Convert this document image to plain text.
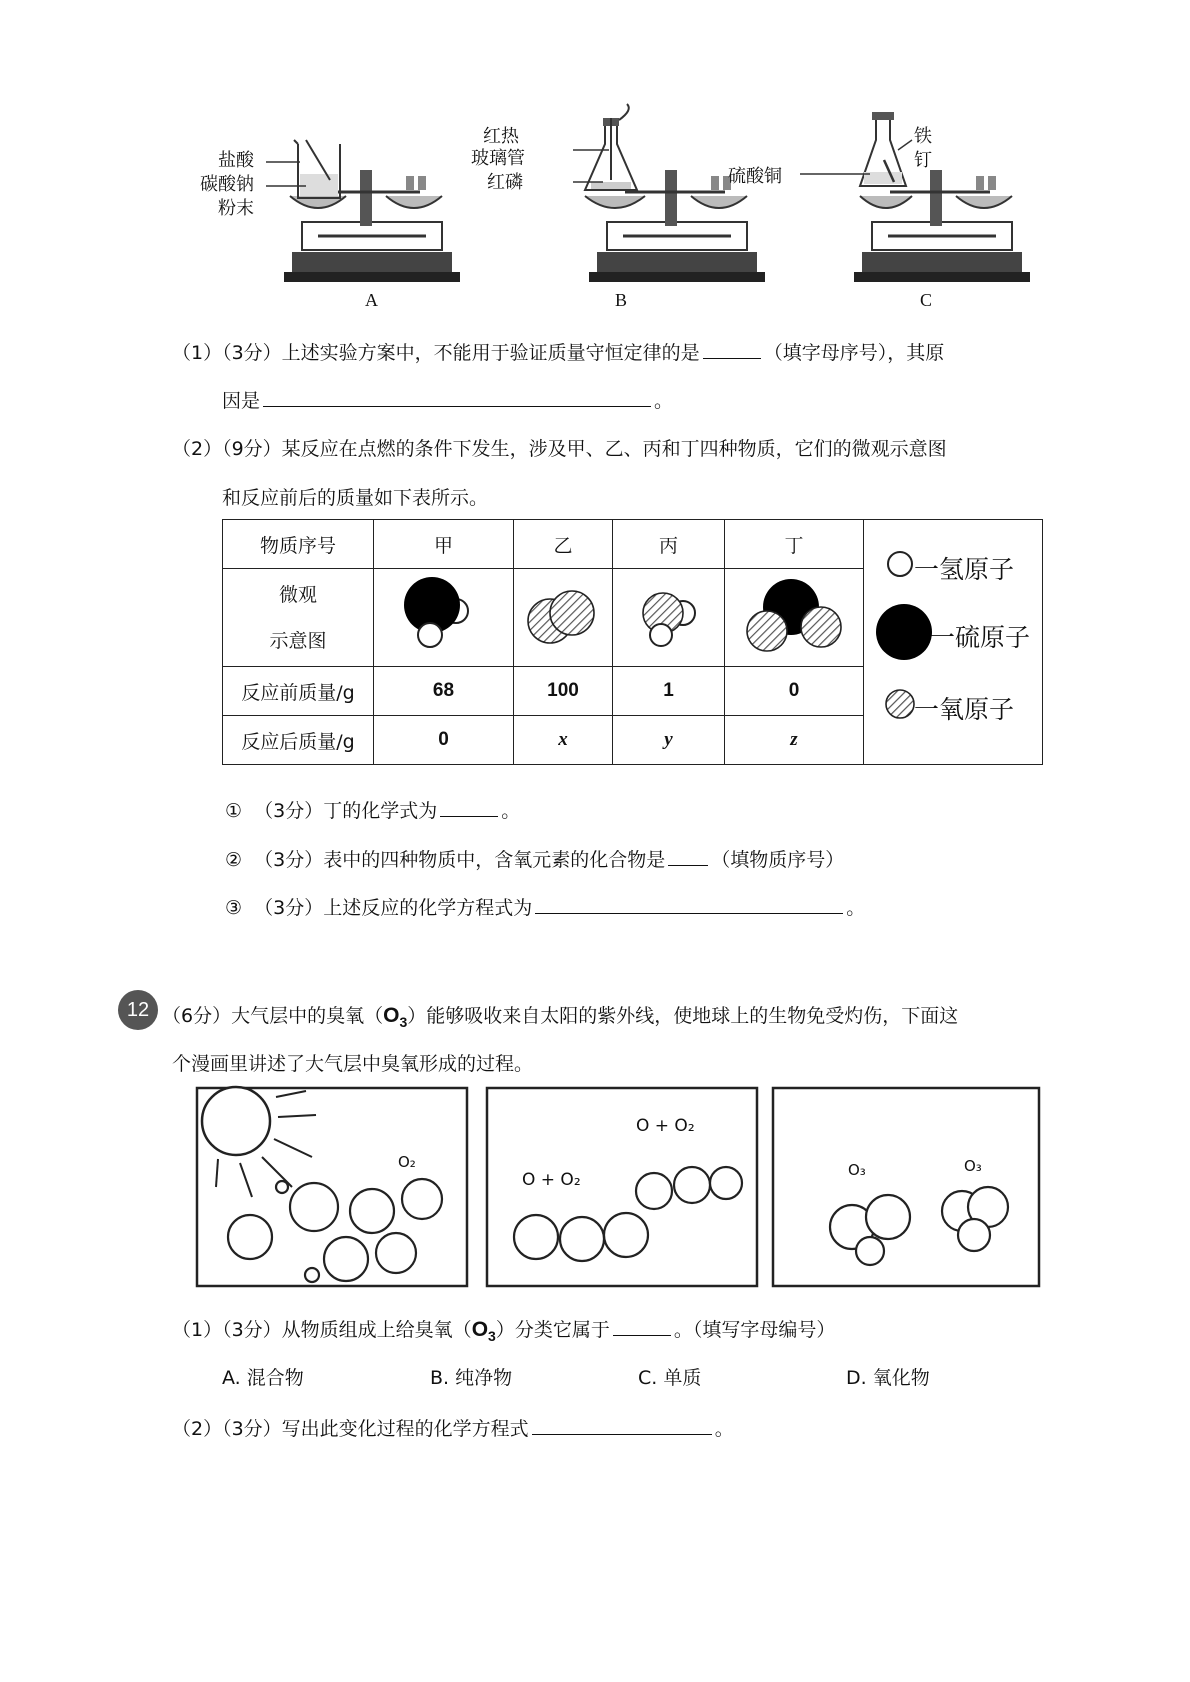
盐酸
碳酸钠
粉末
A
红热
玻璃管
红磷
B
硫酸铜
铁
钉
C
（1）（3分）上述实验方案中，不能用于验证质量守恒定律的是	（填字母序号），其原
因是	。
（2）（9分）某反应在点燃的条件下发生，涉及甲、乙、丙和丁四种物质，它们的微观示意图
和反应前后的质量如下表所示。
物质序号	甲	乙	丙	丁	一氢原子
一硫原子
一氧原子

微观
示意图

反应前质量/g	68	100	1	0	
反应后质量/g	0	x	y	z	
① （3分）丁的化学式为	。
② （3分）表中的四种物质中，含氧元素的化合物是 （填物质序号）
③ （3分）上述反应的化学方程式为	。
12 （6分）大气层中的臭氧$(O_3)$能够吸收来自太阳的紫外线，使地球上的生物免受灼伤，下面这
个漫画里讲述了大气层中臭氧形成的过程。
O₂
O + O₂
O + O₂
O₃	O₃
（1）（3分）从物质组成上给臭氧$(O_3)$分类它属于	。（填写字母编号）
A. 混合物	B. 纯净物	C. 单质	D. 氧化物
（2）（3分）写出此变化过程的化学方程式	。
